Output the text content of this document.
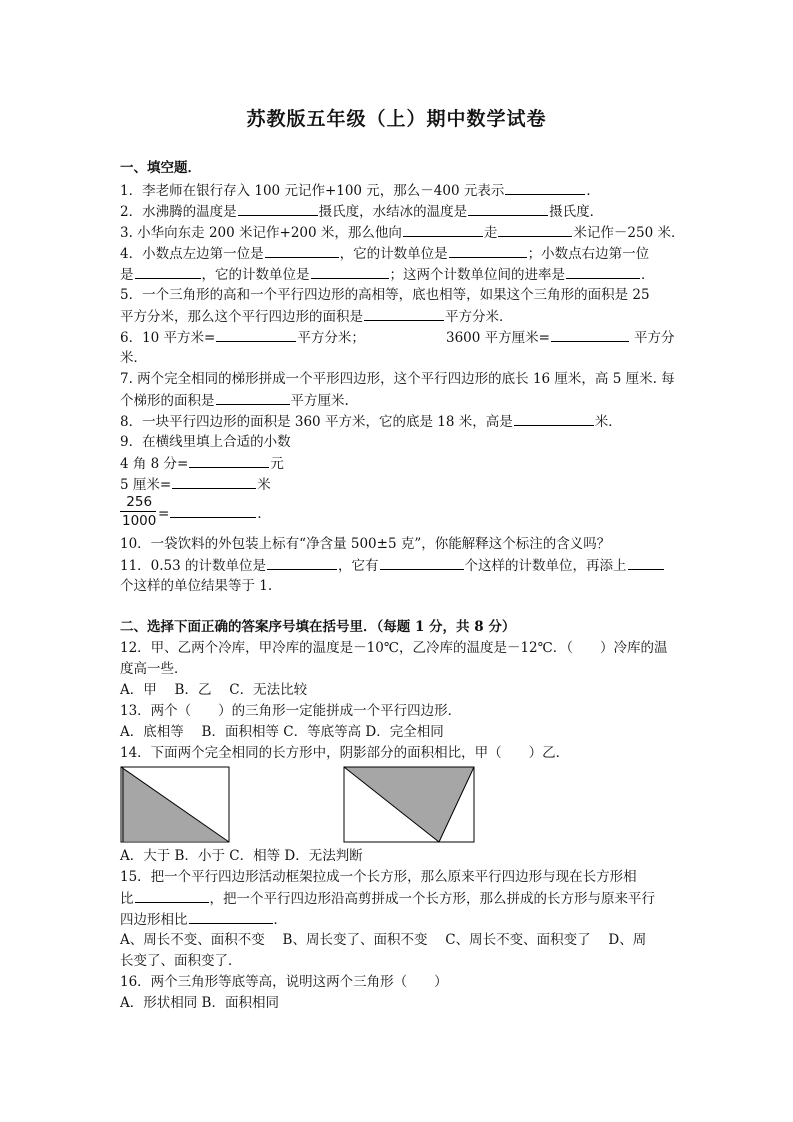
苏教版五年级（上）期中数学试卷
一、填空题．
1．李老师在银行存入 100 元记作+100 元，那么－400 元表示	．
2．水沸腾的温度是	摄氏度，水结冰的温度是	摄氏度．
3. 小华向东走 200 米记作+200 米，那么他向	走	米记作－250 米．
4．小数点左边第一位是	，它的计数单位是	；小数点右边第一位
是	，它的计数单位是	；这两个计数单位间的进率是	．
5．一个三角形的高和一个平行四边形的高相等，底也相等，如果这个三角形的面积是 25
平方分米，那么这个平行四边形的面积是	平方分米．
6．10 平方米=	平方分米；	3600 平方厘米=	平方分
米．
7. 两个完全相同的梯形拼成一个平形四边形，这个平行四边形的底长 16 厘米，高 5 厘米. 每
个梯形的面积是	平方厘米.
8．一块平行四边形的面积是 360 平方米，它的底是 18 米，高是	米．
9．在横线里填上合适的小数
4 角 8 分=	元
5 厘米=	米
256
1000 =	．
10．一袋饮料的外包装上标有“净含量 500±5 克”，你能解释这个标注的含义吗？
11．0.53 的计数单位是	，它有	个这样的计数单位，再添上
个这样的单位结果等于 1.
二、选择下面正确的答案序号填在括号里．（每题 1 分，共 8 分）
12．甲、乙两个冷库，甲冷库的温度是－10℃，乙冷库的温度是－12℃．（　　）冷库的温
度高一些．
A．甲　 B．乙　 C．无法比较
13．两个（　　）的三角形一定能拼成一个平行四边形．
A．底相等　 B．面积相等 C．等底等高 D．完全相同
14．下面两个完全相同的长方形中，阴影部分的面积相比，甲（　　）乙．
A．大于 B．小于 C．相等 D．无法判断
15．把一个平行四边形活动框架拉成一个长方形，那么原来平行四边形与现在长方形相
比	，把一个平行四边形沿高剪拼成一个长方形，那么拼成的长方形与原来平行
四边形相比	．
A、周长不变、面积不变　 B、周长变了、面积不变　 C、周长不变、面积变了　 D、周
长变了、面积变了．
16．两个三角形等底等高，说明这两个三角形（　　）
A．形状相同 B．面积相同
